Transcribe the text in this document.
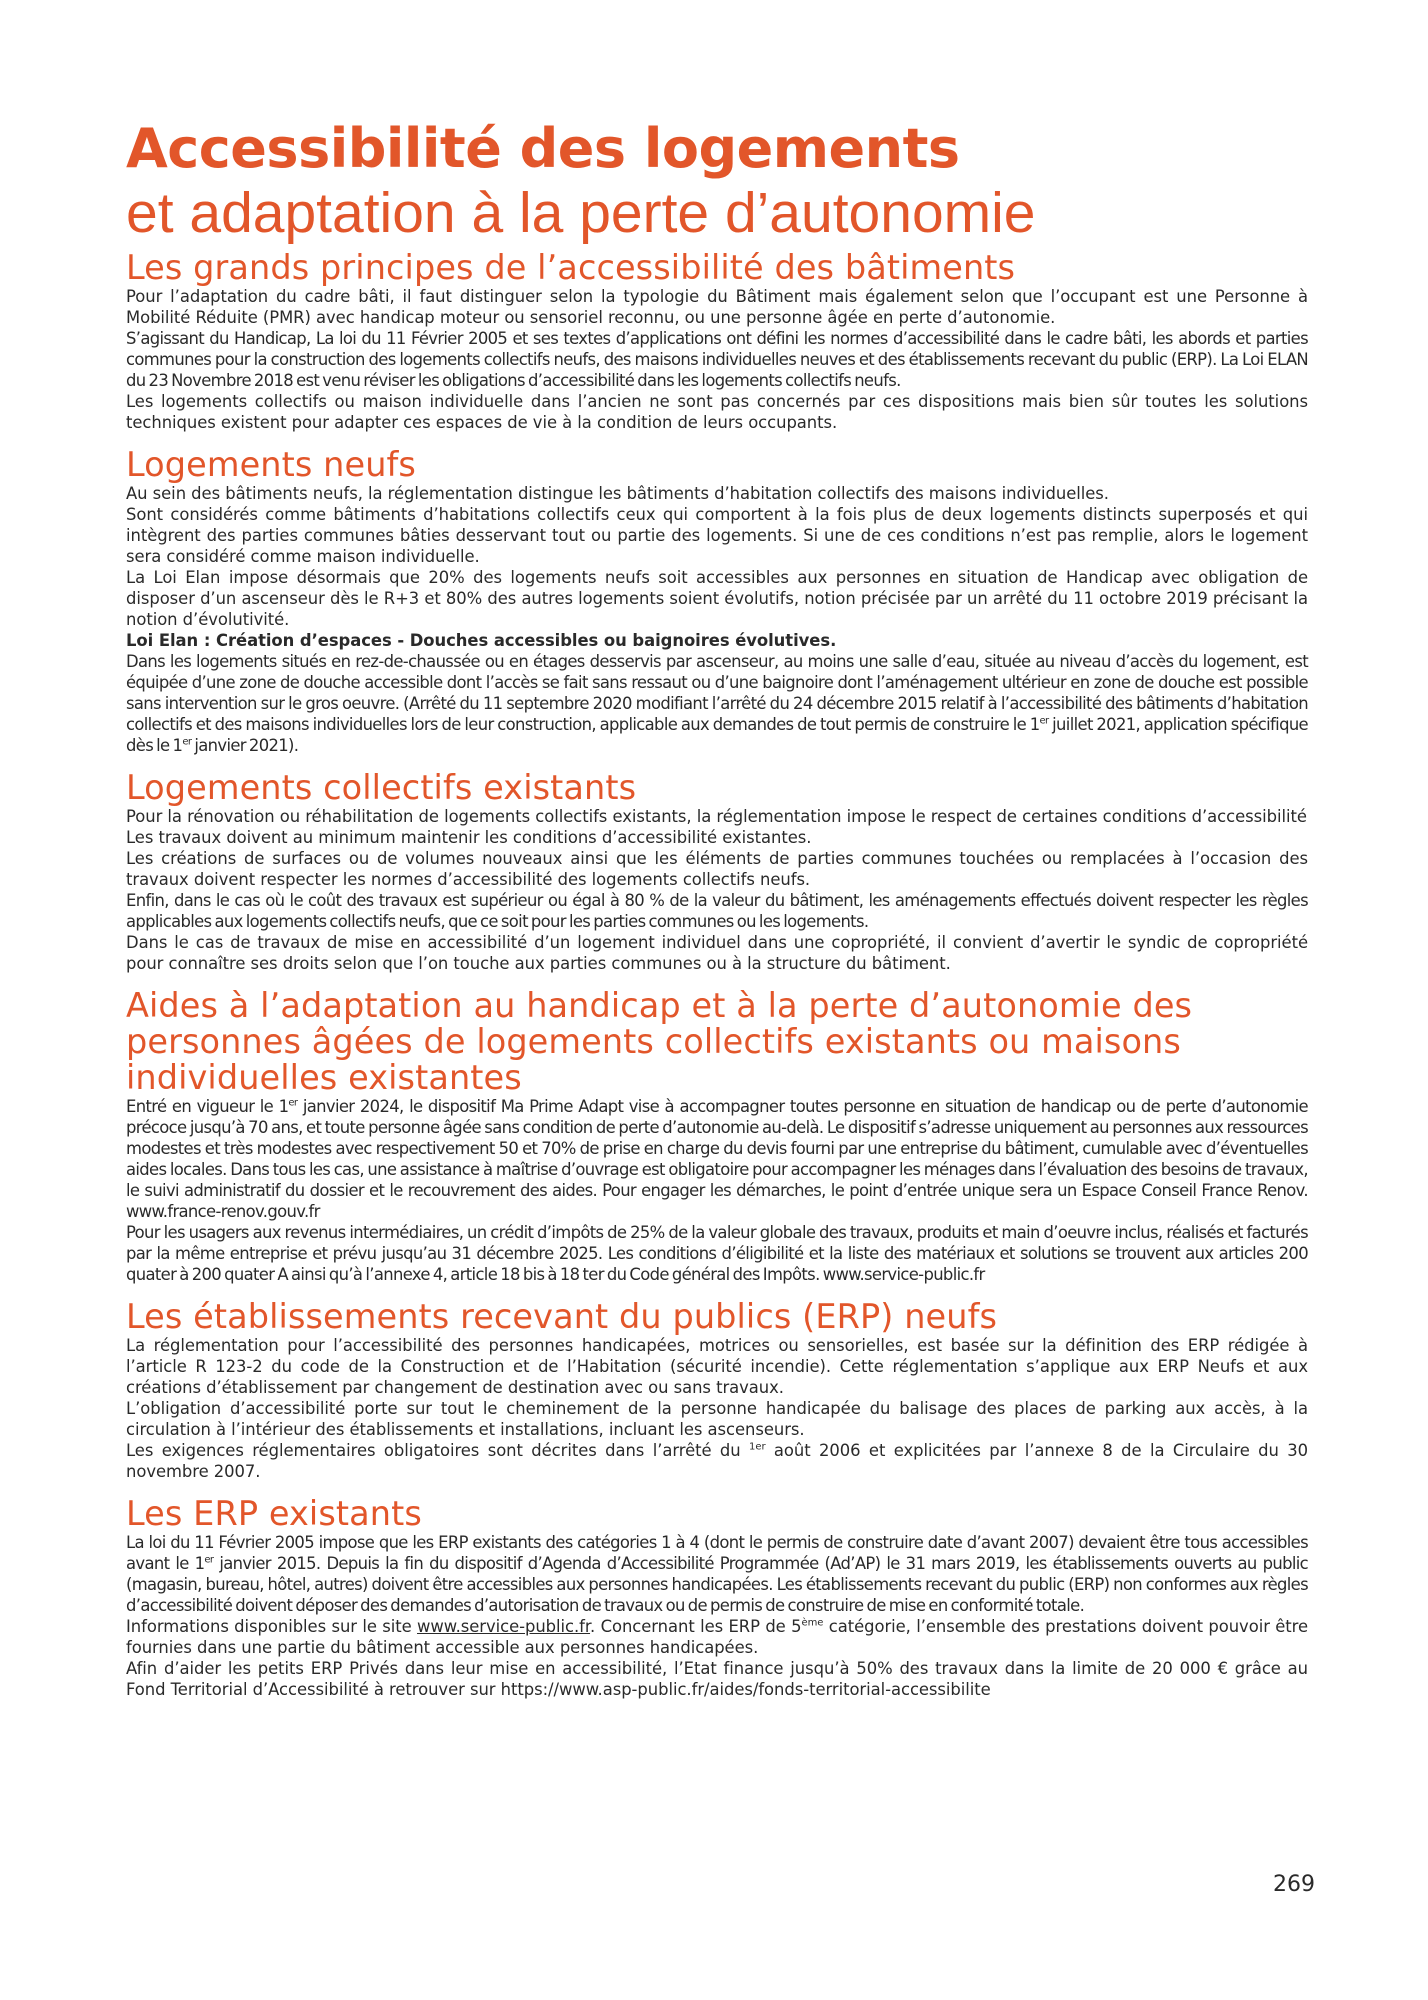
Accessibilité des logements
et adaptation à la perte d’autonomie
Les grands principes de l’accessibilité des bâtiments

Pour l’adaptation du cadre bâti, il faut distinguer selon la typologie du Bâtiment mais également selon que l’occupant est une Personne à Mobilité Réduite (PMR) avec handicap moteur ou sensoriel reconnu, ou une personne âgée en perte d’autonomie.

S’agissant du Handicap, La loi du 11 Février 2005 et ses textes d’applications ont défini les normes d’accessibilité dans le cadre bâti, les abords et parties communes pour la construction des logements collectifs neufs, des maisons individuelles neuves et des établissements recevant du public (ERP). La Loi ELAN du 23 Novembre 2018 est venu réviser les obligations d’accessibilité dans les logements collectifs neufs.

Les logements collectifs ou maison individuelle dans l’ancien ne sont pas concernés par ces dispositions mais bien sûr toutes les solutions techniques existent pour adapter ces espaces de vie à la condition de leurs occupants.

Logements neufs

Au sein des bâtiments neufs, la réglementation distingue les bâtiments d’habitation collectifs des maisons individuelles.

Sont considérés comme bâtiments d’habitations collectifs ceux qui comportent à la fois plus de deux logements distincts superposés et qui intègrent des parties communes bâties desservant tout ou partie des logements. Si une de ces conditions n’est pas remplie, alors le logement sera considéré comme maison individuelle.

La Loi Elan impose désormais que 20% des logements neufs soit accessibles aux personnes en situation de Handicap avec obligation de disposer d’un ascenseur dès le R+3 et 80% des autres logements soient évolutifs, notion précisée par un arrêté du 11 octobre 2019 précisant la notion d’évolutivité.

Loi Elan : Création d’espaces - Douches accessibles ou baignoires évolutives.

Dans les logements situés en rez-de-chaussée ou en étages desservis par ascenseur, au moins une salle d’eau, située au niveau d’accès du logement, est équipée d’une zone de douche accessible dont l’accès se fait sans ressaut ou d’une baignoire dont l’aménagement ultérieur en zone de douche est possible sans intervention sur le gros oeuvre. (Arrêté du 11 septembre 2020 modifiant l’arrêté du 24 décembre 2015 relatif à l’accessibilité des bâtiments d’habitation collectifs et des maisons individuelles lors de leur construction, applicable aux demandes de tout permis de construire le 1er juillet 2021, application spécifique dès le 1er janvier 2021).

Logements collectifs existants

Pour la rénovation ou réhabilitation de logements collectifs existants, la réglementation impose le respect de certaines conditions d’accessibilité

Les travaux doivent au minimum maintenir les conditions d’accessibilité existantes.

Les créations de surfaces ou de volumes nouveaux ainsi que les éléments de parties communes touchées ou remplacées à l’occasion des travaux doivent respecter les normes d’accessibilité des logements collectifs neufs.

Enfin, dans le cas où le coût des travaux est supérieur ou égal à 80 % de la valeur du bâtiment, les aménagements effectués doivent respecter les règles applicables aux logements collectifs neufs, que ce soit pour les parties communes ou les logements.

Dans le cas de travaux de mise en accessibilité d’un logement individuel dans une copropriété, il convient d’avertir le syndic de copropriété pour connaître ses droits selon que l’on touche aux parties communes ou à la structure du bâtiment.

Aides à l’adaptation au handicap et à la perte d’autonomie des personnes âgées de logements collectifs existants ou maisons individuelles existantes

Entré en vigueur le 1er janvier 2024, le dispositif Ma Prime Adapt vise à accompagner toutes personne en situation de handicap ou de perte d’autonomie précoce jusqu’à 70 ans, et toute personne âgée sans condition de perte d’autonomie au-delà. Le dispositif s’adresse uniquement au personnes aux ressources modestes et très modestes avec respectivement 50 et 70% de prise en charge du devis fourni par une entreprise du bâtiment, cumulable avec d’éventuelles aides locales. Dans tous les cas, une assistance à maîtrise d’ouvrage est obligatoire pour accompagner les ménages dans l’évaluation des besoins de travaux, le suivi administratif du dossier et le recouvrement des aides. Pour engager les démarches, le point d’entrée unique sera un Espace Conseil France Renov. www.france-renov.gouv.fr

Pour les usagers aux revenus intermédiaires, un crédit d’impôts de 25% de la valeur globale des travaux, produits et main d’oeuvre inclus, réalisés et facturés par la même entreprise et prévu jusqu’au 31 décembre 2025. Les conditions d’éligibilité et la liste des matériaux et solutions se trouvent aux articles 200 quater à 200 quater A ainsi qu’à l’annexe 4, article 18 bis à 18 ter du Code général des Impôts. www.service-public.fr

Les établissements recevant du publics (ERP) neufs

La réglementation pour l’accessibilité des personnes handicapées, motrices ou sensorielles, est basée sur la définition des ERP rédigée à l’article R 123-2 du code de la Construction et de l’Habitation (sécurité incendie). Cette réglementation s’applique aux ERP Neufs et aux créations d’établissement par changement de destination avec ou sans travaux.

L’obligation d’accessibilité porte sur tout le cheminement de la personne handicapée du balisage des places de parking aux accès, à la circulation à l’intérieur des établissements et installations, incluant les ascenseurs.

Les exigences réglementaires obligatoires sont décrites dans l’arrêté du $^{1er}$ août 2006 et explicitées par l’annexe 8 de la Circulaire du 30 novembre 2007.

Les ERP existants

La loi du 11 Février 2005 impose que les ERP existants des catégories 1 à 4 (dont le permis de construire date d’avant 2007) devaient être tous accessibles avant le 1er janvier 2015. Depuis la fin du dispositif d’Agenda d’Accessibilité Programmée (Ad’AP) le 31 mars 2019, les établissements ouverts au public (magasin, bureau, hôtel, autres) doivent être accessibles aux personnes handicapées. Les établissements recevant du public (ERP) non conformes aux règles d’accessibilité doivent déposer des demandes d’autorisation de travaux ou de permis de construire de mise en conformité totale.

Informations disponibles sur le site www.service-public.fr. Concernant les ERP de 5ème catégorie, l’ensemble des prestations doivent pouvoir être fournies dans une partie du bâtiment accessible aux personnes handicapées.

Afin d’aider les petits ERP Privés dans leur mise en accessibilité, l’Etat finance jusqu’à 50% des travaux dans la limite de 20 000 € grâce au Fond Territorial d’Accessibilité à retrouver sur https://www.asp-public.fr/aides/fonds-territorial-accessibilite

269
